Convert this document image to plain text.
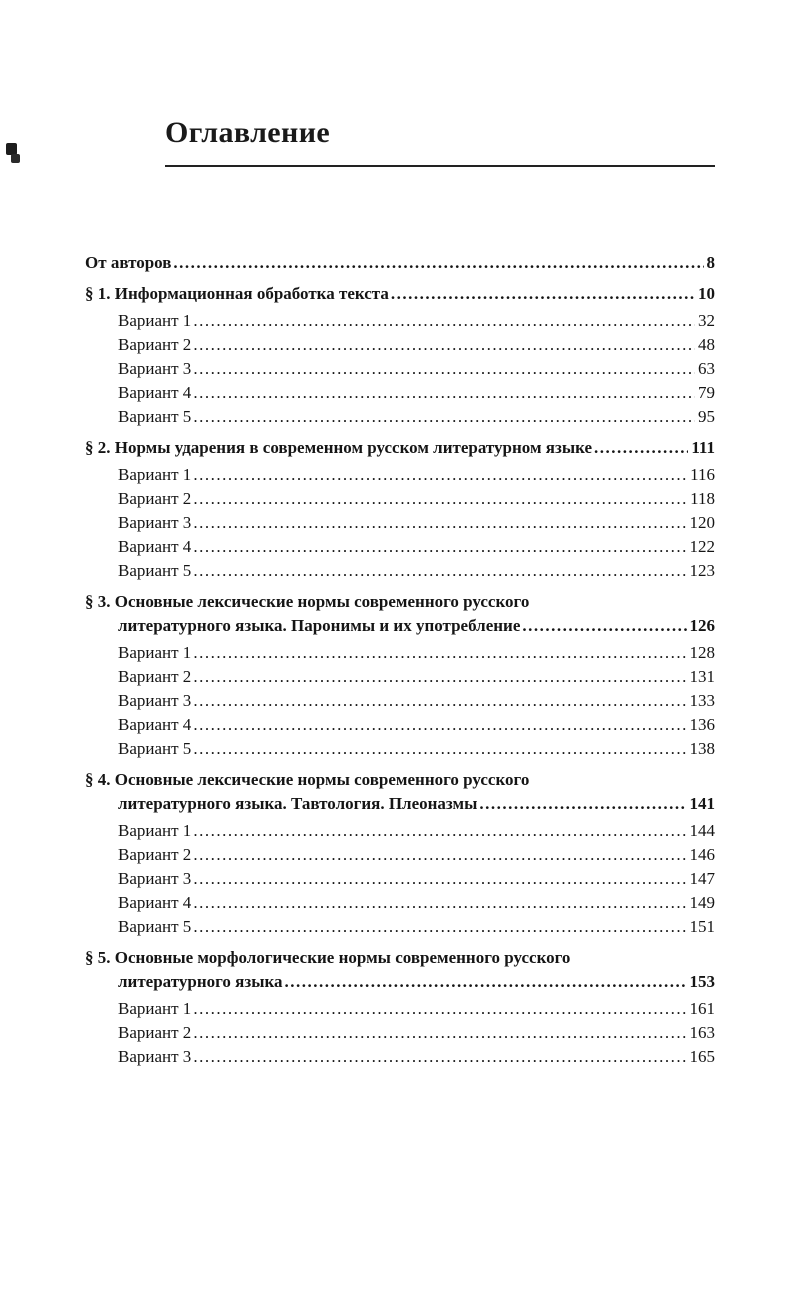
Оглавление
От авторов .....	8
§ 1. Информационная обработка текста .....	10
Вариант 1 .....	32
Вариант 2 .....	48
Вариант 3 .....	63
Вариант 4 .....	79
Вариант 5 .....	95
§ 2. Нормы ударения в современном русском литературном языке .....	111
Вариант 1 .....	116
Вариант 2 .....	118
Вариант 3 .....	120
Вариант 4 .....	122
Вариант 5 .....	123
§ 3. Основные лексические нормы современного русского
литературного языка. Паронимы и их употребление .....	126
Вариант 1 .....	128
Вариант 2 .....	131
Вариант 3 .....	133
Вариант 4 .....	136
Вариант 5 .....	138
§ 4. Основные лексические нормы современного русского
литературного языка. Тавтология. Плеоназмы .....	141
Вариант 1 .....	144
Вариант 2 .....	146
Вариант 3 .....	147
Вариант 4 .....	149
Вариант 5 .....	151
§ 5. Основные морфологические нормы современного русского
литературного языка .....	153
Вариант 1 .....	161
Вариант 2 .....	163
Вариант 3 .....	165
